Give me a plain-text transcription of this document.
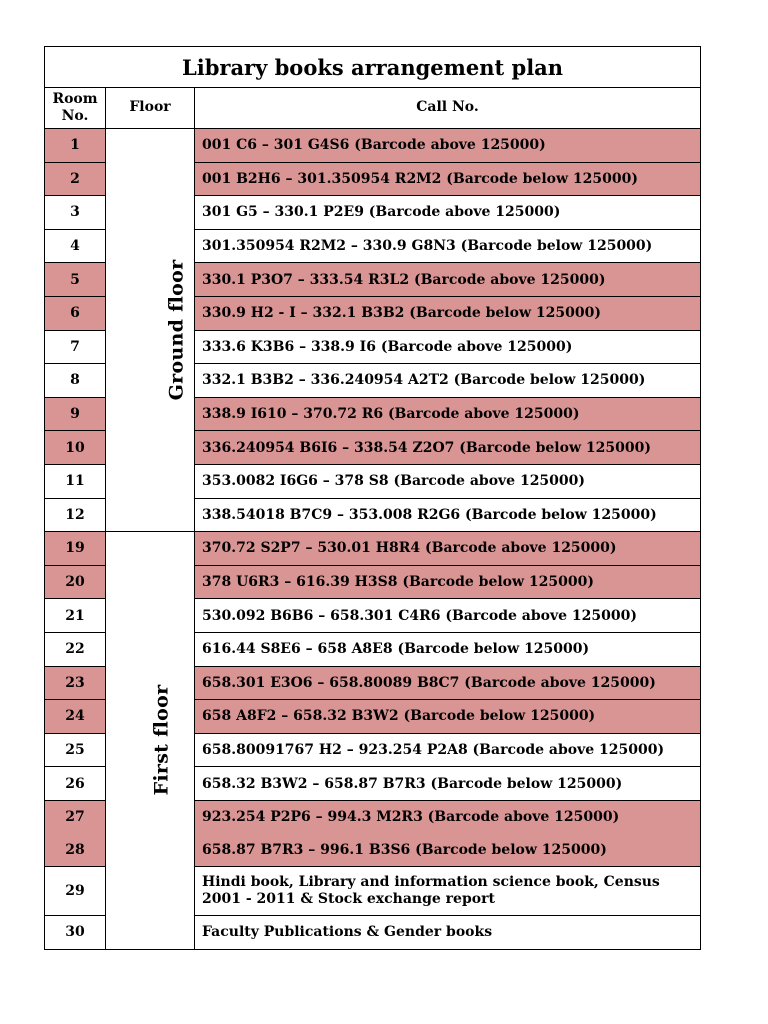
Library books arrangement plan		
Room No.	Floor	Call No.
1	Ground floor	001 C6 – 301 G4S6 (Barcode above 125000)
2		001 B2H6 – 301.350954 R2M2 (Barcode below 125000)
3		301 G5 – 330.1 P2E9 (Barcode above 125000)
4		301.350954 R2M2 – 330.9 G8N3 (Barcode below 125000)
5		330.1 P3O7 – 333.54 R3L2 (Barcode above 125000)
6		330.9 H2 - I – 332.1 B3B2 (Barcode below 125000)
7		333.6 K3B6 – 338.9 I6 (Barcode above 125000)
8		332.1 B3B2 – 336.240954 A2T2 (Barcode below 125000)
9		338.9 I610 – 370.72 R6 (Barcode above 125000)
10		336.240954 B6I6 – 338.54 Z2O7 (Barcode below 125000)
11		353.0082 I6G6 – 378 S8 (Barcode above 125000)
12		338.54018 B7C9 – 353.008 R2G6 (Barcode below 125000)
19	First floor	370.72 S2P7 – 530.01 H8R4 (Barcode above 125000)
20		378 U6R3 – 616.39 H3S8 (Barcode below 125000)
21		530.092 B6B6 – 658.301 C4R6 (Barcode above 125000)
22		616.44 S8E6 – 658 A8E8 (Barcode below 125000)
23		658.301 E3O6 – 658.80089 B8C7 (Barcode above 125000)
24		658 A8F2 – 658.32 B3W2 (Barcode below 125000)
25		658.80091767 H2 – 923.254 P2A8 (Barcode above 125000)
26		658.32 B3W2 – 658.87 B7R3 (Barcode below 125000)
27		923.254 P2P6 – 994.3 M2R3 (Barcode above 125000)
28		658.87 B7R3 – 996.1 B3S6 (Barcode below 125000)
29		Hindi book, Library and information science book, Census 2001 - 2011 & Stock exchange report
30		Faculty Publications & Gender books
